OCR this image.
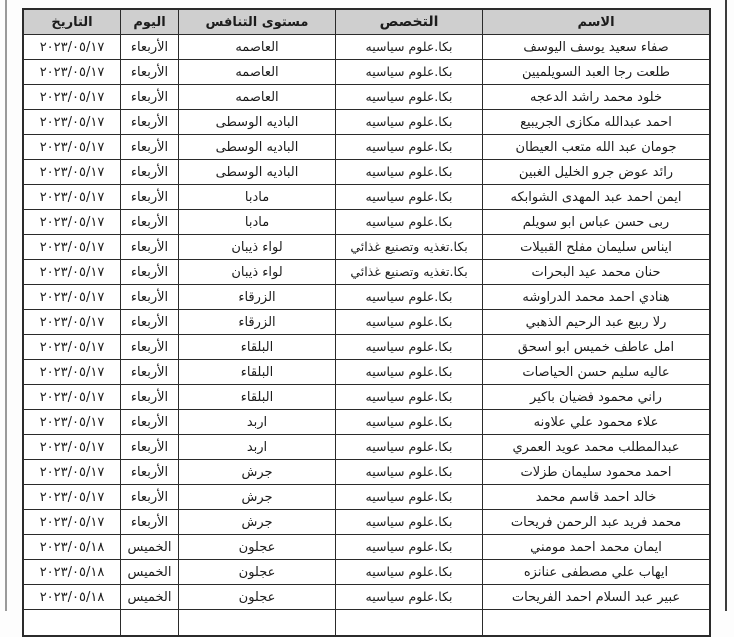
التاريخ	اليوم	مستوى التنافس	التخصص	الاسم
٢٠٢٣/٠٥/١٧	الأربعاء	العاصمه	بكا.علوم سياسيه	صفاء سعيد يوسف اليوسف
٢٠٢٣/٠٥/١٧	الأربعاء	العاصمه	بكا.علوم سياسيه	طلعت رجا العبد السويلميين
٢٠٢٣/٠٥/١٧	الأربعاء	العاصمه	بكا.علوم سياسيه	خلود محمد راشد الدعجه
٢٠٢٣/٠٥/١٧	الأربعاء	الباديه الوسطى	بكا.علوم سياسيه	احمد عبدالله مكازى الجريبيع
٢٠٢٣/٠٥/١٧	الأربعاء	الباديه الوسطى	بكا.علوم سياسيه	جومان عبد الله متعب العيطان
٢٠٢٣/٠٥/١٧	الأربعاء	الباديه الوسطى	بكا.علوم سياسيه	رائد عوض جرو الخليل الغبين
٢٠٢٣/٠٥/١٧	الأربعاء	مادبا	بكا.علوم سياسيه	ايمن احمد عبد المهدى الشوابكه
٢٠٢٣/٠٥/١٧	الأربعاء	مادبا	بكا.علوم سياسيه	ربى حسن عباس ابو سويلم
٢٠٢٣/٠٥/١٧	الأربعاء	لواء ذيبان	بكا.تغذيه وتصنيع غذائي	ايناس سليمان مفلح القبيلات
٢٠٢٣/٠٥/١٧	الأربعاء	لواء ذيبان	بكا.تغذيه وتصنيع غذائي	حنان محمد عيد البحرات
٢٠٢٣/٠٥/١٧	الأربعاء	الزرقاء	بكا.علوم سياسيه	هنادي احمد محمد الدراوشه
٢٠٢٣/٠٥/١٧	الأربعاء	الزرقاء	بكا.علوم سياسيه	رلا ربيع عبد الرحيم الذهبي
٢٠٢٣/٠٥/١٧	الأربعاء	البلقاء	بكا.علوم سياسيه	امل عاطف خميس ابو اسحق
٢٠٢٣/٠٥/١٧	الأربعاء	البلقاء	بكا.علوم سياسيه	عاليه سليم حسن الحياصات
٢٠٢٣/٠٥/١٧	الأربعاء	البلقاء	بكا.علوم سياسيه	راني محمود فضيان باكير
٢٠٢٣/٠٥/١٧	الأربعاء	اربد	بكا.علوم سياسيه	علاء محمود علي علاونه
٢٠٢٣/٠٥/١٧	الأربعاء	اربد	بكا.علوم سياسيه	عبدالمطلب محمد عويد العمري
٢٠٢٣/٠٥/١٧	الأربعاء	جرش	بكا.علوم سياسيه	احمد محمود سليمان طزلات
٢٠٢٣/٠٥/١٧	الأربعاء	جرش	بكا.علوم سياسيه	خالد احمد قاسم محمد
٢٠٢٣/٠٥/١٧	الأربعاء	جرش	بكا.علوم سياسيه	محمد فريد عبد الرحمن فريحات
٢٠٢٣/٠٥/١٨	الخميس	عجلون	بكا.علوم سياسيه	ايمان محمد احمد مومني
٢٠٢٣/٠٥/١٨	الخميس	عجلون	بكا.علوم سياسيه	ايهاب علي مصطفى عنانزه
٢٠٢٣/٠٥/١٨	الخميس	عجلون	بكا.علوم سياسيه	عبير عبد السلام احمد الفريحات
